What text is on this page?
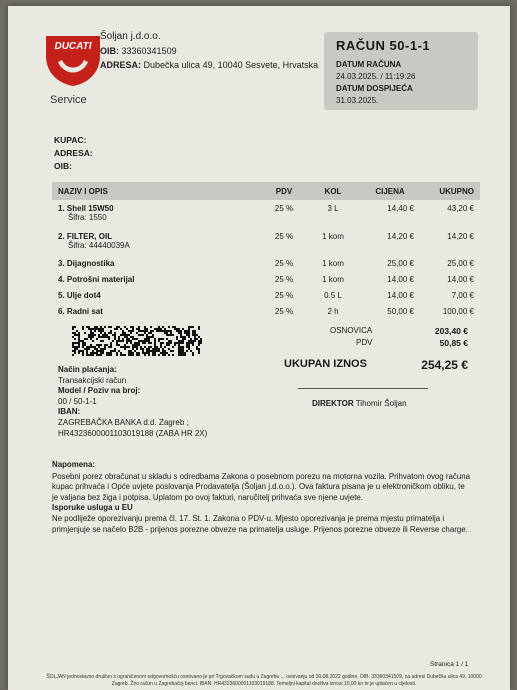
DUCATI
Service
Šoljan j.d.o.o.
OIB: 33360341509
ADRESA: Dubečka ulica 49, 10040 Sesvete, Hrvatska
RAČUN 50-1-1
DATUM RAČUNA
24.03.2025. / 11:19:26
DATUM DOSPIJEĆA
31.03.2025.
KUPAC:
ADRESA:
OIB:
NAZIV I OPIS	PDV	KOL	CIJENA	UKUPNO

1. Shell 15W50
Šifra: 1550	25 %	3 L	14,40 €	43,20 €

2. FILTER, OIL
Šifra: 44440039A	25 %	1 kom	14,20 €	14,20 €
3. Dijagnostika	25 %	1 kom	25,00 €	25,00 €
4. Potrošni materijal	25 %	1 kom	14,00 €	14,00 €
5. Ulje dot4	25 %	0.5 L	14,00 €	7,00 €
6. Radni sat	25 %	2 h	50,00 €	100,00 €
OSNOVICA	203,40 €
PDV	50,85 €
UKUPAN IZNOS	254,25 €
Način plaćanja:
Transakcijski račun
Model / Poziv na broj:
00 / 50-1-1
IBAN:
ZAGREBAČKA BANKA d.d. Zagreb ;
HR4323600001103019188 (ZABA HR 2X)
DIREKTOR Tihomir Šoljan
Napomena:
Posebni porez obračunat u skladu s odredbama Zakona o posebnom porezu na motorna vozila. Prihvatom ovog računa kupac prihvaća i Opće uvjete poslovanja Prodavatelja (Šoljan j.d.o.o.). Ova faktura pisana je u elektroničkom obliku, te je valjana bez žiga i potpisa. Uplatom po ovoj fakturi, naručitelj prihvaća sve njene uvjete.
Isporuke usluga u EU
Ne podliježe oporezivanju prema čl. 17. St. 1. Zakona o PDV-u. Mjesto oporezivanja je prema mjestu primatelja i primjenjuje se načelo B2B - prijenos porezne obveze na primatelja usluge. Prijenos porezne obveze ili Reverse charge.
Stranica 1 / 1
ŠOLJAN jednostavno društvo s ograničenom odgovornošću osnovano je pri Trgovačkom sudu u Zagrebu ... osnivanju od 30.08.2022 godine. OIB: 33360341509, na adresi Dubečka ulica 49, 10000 Zagreb. Žiro račun u Zagrebačoj banci. IBAN: HR4323600001103019188. Temeljni kapital društva iznosi 10,00 kn te je uplaćen u cijelosti.
